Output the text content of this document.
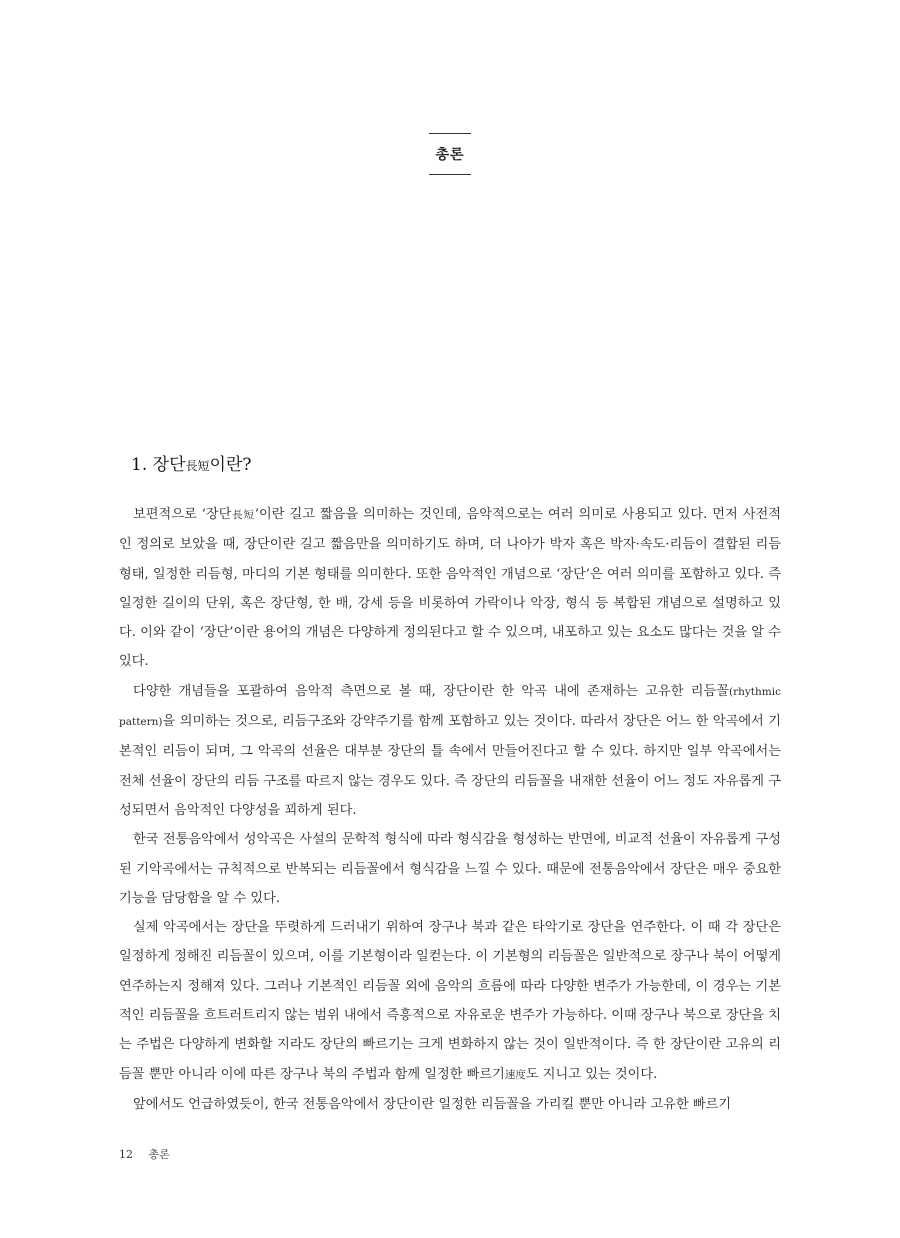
총론
1. 장단長短이란?

보편적으로 ‘장단長短’이란 길고 짧음을 의미하는 것인데, 음악적으로는 여러 의미로 사용되고 있다. 먼저 사전적인 정의로 보았을 때, 장단이란 길고 짧음만을 의미하기도 하며, 더 나아가 박자 혹은 박자·속도·리듬이 결합된 리듬형태, 일정한 리듬형, 마디의 기본 형태를 의미한다. 또한 음악적인 개념으로 ‘장단’은 여러 의미를 포함하고 있다. 즉 일정한 길이의 단위, 혹은 장단형, 한 배, 강세 등을 비롯하여 가락이나 악장, 형식 등 복합된 개념으로 설명하고 있다. 이와 같이 ‘장단’이란 용어의 개념은 다양하게 정의된다고 할 수 있으며, 내포하고 있는 요소도 많다는 것을 알 수 있다.

다양한 개념들을 포괄하여 음악적 측면으로 볼 때, 장단이란 한 악곡 내에 존재하는 고유한 리듬꼴(rhythmic pattern)을 의미하는 것으로, 리듬구조와 강약주기를 함께 포함하고 있는 것이다. 따라서 장단은 어느 한 악곡에서 기본적인 리듬이 되며, 그 악곡의 선율은 대부분 장단의 틀 속에서 만들어진다고 할 수 있다. 하지만 일부 악곡에서는 전체 선율이 장단의 리듬 구조를 따르지 않는 경우도 있다. 즉 장단의 리듬꼴을 내재한 선율이 어느 정도 자유롭게 구성되면서 음악적인 다양성을 꾀하게 된다.

한국 전통음악에서 성악곡은 사설의 문학적 형식에 따라 형식감을 형성하는 반면에, 비교적 선율이 자유롭게 구성된 기악곡에서는 규칙적으로 반복되는 리듬꼴에서 형식감을 느낄 수 있다. 때문에 전통음악에서 장단은 매우 중요한 기능을 담당함을 알 수 있다.

실제 악곡에서는 장단을 뚜렷하게 드러내기 위하여 장구나 북과 같은 타악기로 장단을 연주한다. 이 때 각 장단은 일정하게 정해진 리듬꼴이 있으며, 이를 기본형이라 일컫는다. 이 기본형의 리듬꼴은 일반적으로 장구나 북이 어떻게 연주하는지 정해져 있다. 그러나 기본적인 리듬꼴 외에 음악의 흐름에 따라 다양한 변주가 가능한데, 이 경우는 기본적인 리듬꼴을 흐트러트리지 않는 범위 내에서 즉흥적으로 자유로운 변주가 가능하다. 이때 장구나 북으로 장단을 치는 주법은 다양하게 변화할 지라도 장단의 빠르기는 크게 변화하지 않는 것이 일반적이다. 즉 한 장단이란 고유의 리듬꼴 뿐만 아니라 이에 따른 장구나 북의 주법과 함께 일정한 빠르기速度도 지니고 있는 것이다.

앞에서도 언급하였듯이, 한국 전통음악에서 장단이란 일정한 리듬꼴을 가리킬 뿐만 아니라 고유한 빠르기

12 총론
